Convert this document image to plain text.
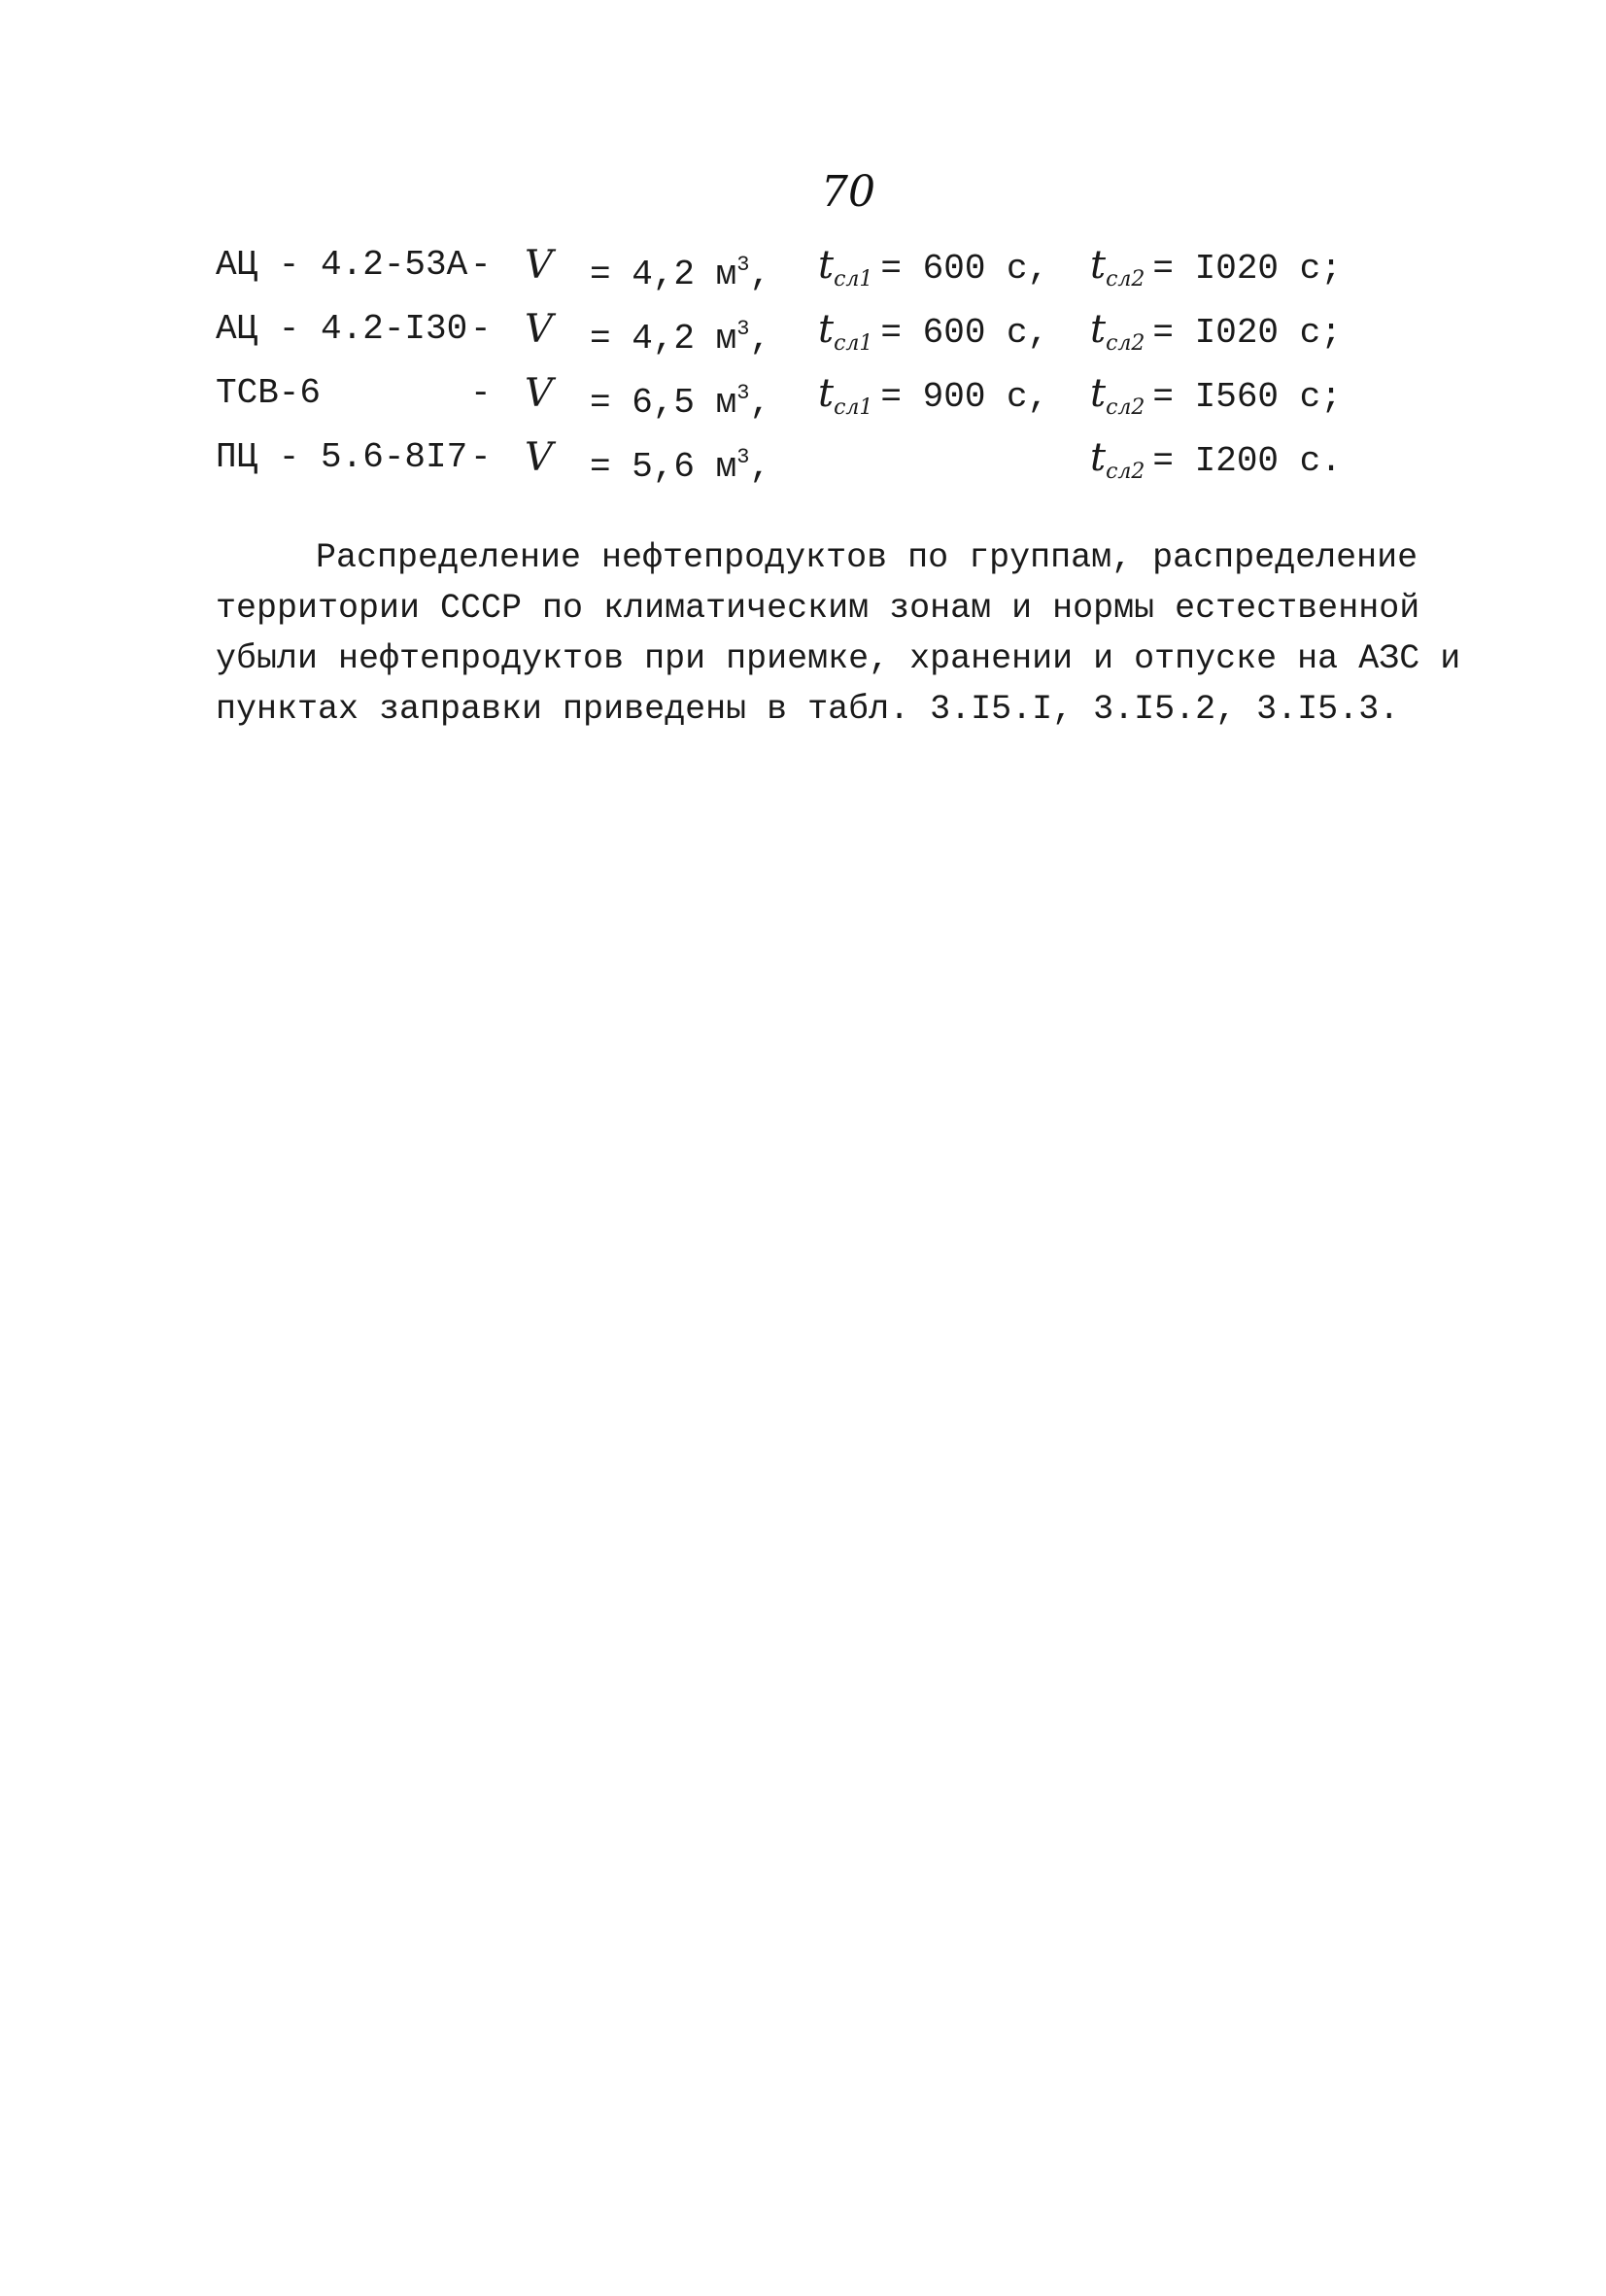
70
АЦ - 4.2-53А - V = 4,2 $м^3$, $t_{сл1} = 600$ с, $t_{сл2} = I020$ с;
АЦ - 4.2-I30 - V = 4,2 $м^3$, $t_{сл1} = 600$ с, $t_{сл2} = I020$ с;
ТСВ-6	- V = 6,5 $м^3$, $t_{сл1} = 900$ с, $t_{сл2} = I560$ с;
ПЦ - 5.6-8I7 - V = 5,6 $м^3$,	$t_{сл2} = I200$ с.
Распределение нефтепродуктов по группам, распределение
территории СССР по климатическим зонам и нормы естественной
убыли нефтепродуктов при приемке, хранении и отпуске на АЗС и
пунктах заправки приведены в табл. 3.I5.I, 3.I5.2, 3.I5.3.
